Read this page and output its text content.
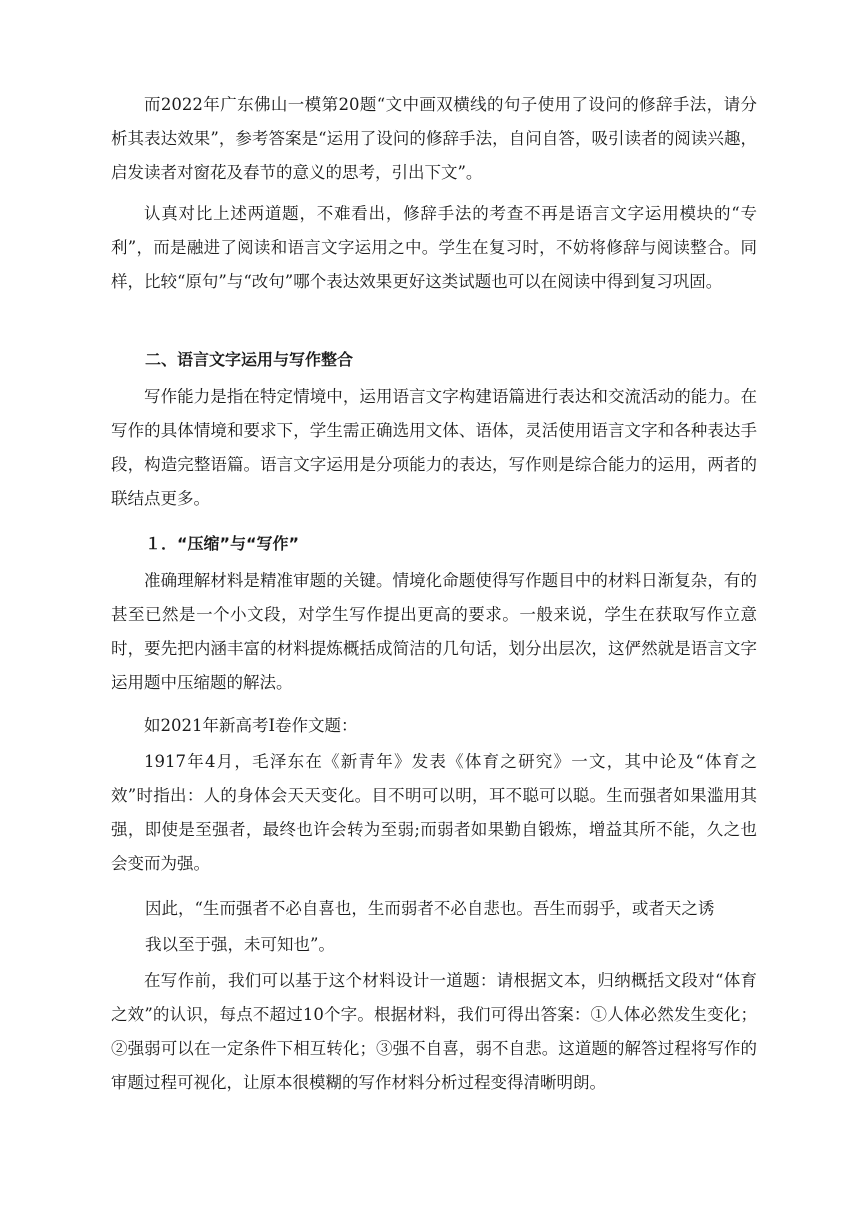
而2022年广东佛山一模第20题“文中画双横线的句子使用了设问的修辞手法，请分析其表达效果”，参考答案是“运用了设问的修辞手法，自问自答，吸引读者的阅读兴趣，启发读者对窗花及春节的意义的思考，引出下文”。

认真对比上述两道题，不难看出，修辞手法的考查不再是语言文字运用模块的“专利”，而是融进了阅读和语言文字运用之中。学生在复习时，不妨将修辞与阅读整合。同样，比较“原句”与“改句”哪个表达效果更好这类试题也可以在阅读中得到复习巩固。

二、语言文字运用与写作整合

写作能力是指在特定情境中，运用语言文字构建语篇进行表达和交流活动的能力。在写作的具体情境和要求下，学生需正确选用文体、语体，灵活使用语言文字和各种表达手段，构造完整语篇。语言文字运用是分项能力的表达，写作则是综合能力的运用，两者的联结点更多。

１．“压缩”与“写作”

准确理解材料是精准审题的关键。情境化命题使得写作题目中的材料日渐复杂，有的甚至已然是一个小文段，对学生写作提出更高的要求。一般来说，学生在获取写作立意时，要先把内涵丰富的材料提炼概括成简洁的几句话，划分出层次，这俨然就是语言文字运用题中压缩题的解法。

如2021年新高考Ⅰ卷作文题：

1917年4月，毛泽东在《新青年》发表《体育之研究》一文，其中论及“体育之效”时指出：人的身体会天天变化。目不明可以明，耳不聪可以聪。生而强者如果滥用其强，即使是至强者，最终也许会转为至弱;而弱者如果勤自锻炼，增益其所不能，久之也会变而为强。

因此，“生而强者不必自喜也，生而弱者不必自悲也。吾生而弱乎，或者天之诱

我以至于强，未可知也”。

在写作前，我们可以基于这个材料设计一道题：请根据文本，归纳概括文段对“体育之效”的认识，每点不超过10个字。根据材料，我们可得出答案：①人体必然发生变化；②强弱可以在一定条件下相互转化；③强不自喜，弱不自悲。这道题的解答过程将写作的审题过程可视化，让原本很模糊的写作材料分析过程变得清晰明朗。
